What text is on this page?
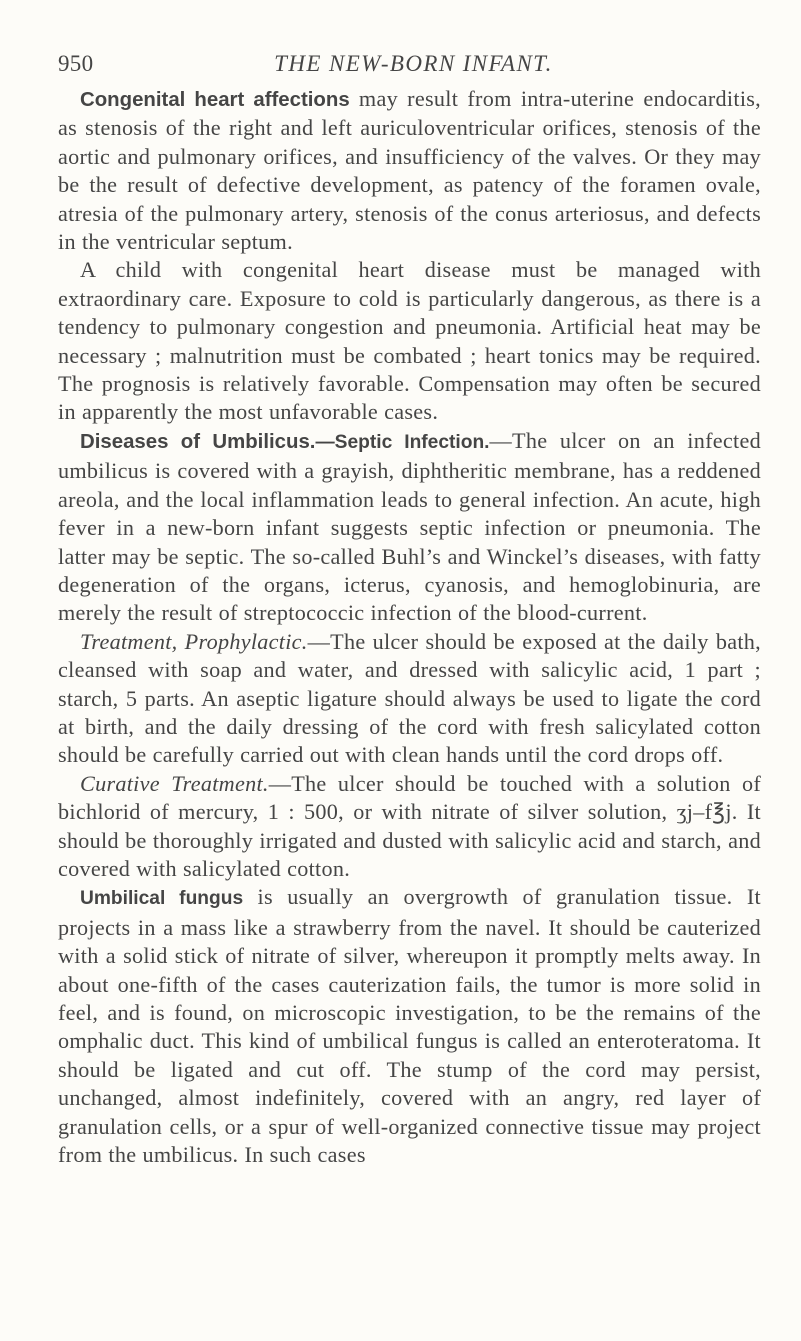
950	THE NEW-BORN INFANT.

Congenital heart affections may result from intra-uterine endocarditis, as stenosis of the right and left auriculoventricular orifices, stenosis of the aortic and pulmonary orifices, and insufficiency of the valves. Or they may be the result of defective development, as patency of the foramen ovale, atresia of the pulmonary artery, stenosis of the conus arteriosus, and defects in the ventricular septum.

A child with congenital heart disease must be managed with extraordinary care. Exposure to cold is particularly dangerous, as there is a tendency to pulmonary congestion and pneumonia. Artificial heat may be necessary ; malnutrition must be combated ; heart tonics may be required. The prognosis is relatively favorable. Compensation may often be secured in apparently the most unfavorable cases.

Diseases of Umbilicus.—Septic Infection.—The ulcer on an infected umbilicus is covered with a grayish, diphtheritic membrane, has a reddened areola, and the local inflammation leads to general infection. An acute, high fever in a new-born infant suggests septic infection or pneumonia. The latter may be septic. The so-called Buhl’s and Winckel’s diseases, with fatty degeneration of the organs, icterus, cyanosis, and hemoglobinuria, are merely the result of streptococcic infection of the blood-current.

Treatment, Prophylactic.—The ulcer should be exposed at the daily bath, cleansed with soap and water, and dressed with salicylic acid, 1 part ; starch, 5 parts. An aseptic ligature should always be used to ligate the cord at birth, and the daily dressing of the cord with fresh salicylated cotton should be carefully carried out with clean hands until the cord drops off.

Curative Treatment.—The ulcer should be touched with a solution of bichlorid of mercury, 1 : 500, or with nitrate of silver solution, ʒj–f℥j. It should be thoroughly irrigated and dusted with salicylic acid and starch, and covered with salicylated cotton.

Umbilical fungus is usually an overgrowth of granulation tissue. It projects in a mass like a strawberry from the navel. It should be cauterized with a solid stick of nitrate of silver, whereupon it promptly melts away. In about one-fifth of the cases cauterization fails, the tumor is more solid in feel, and is found, on microscopic investigation, to be the remains of the omphalic duct. This kind of umbilical fungus is called an enteroteratoma. It should be ligated and cut off. The stump of the cord may persist, unchanged, almost indefinitely, covered with an angry, red layer of granulation cells, or a spur of well-organized connective tissue may project from the umbilicus. In such cases
